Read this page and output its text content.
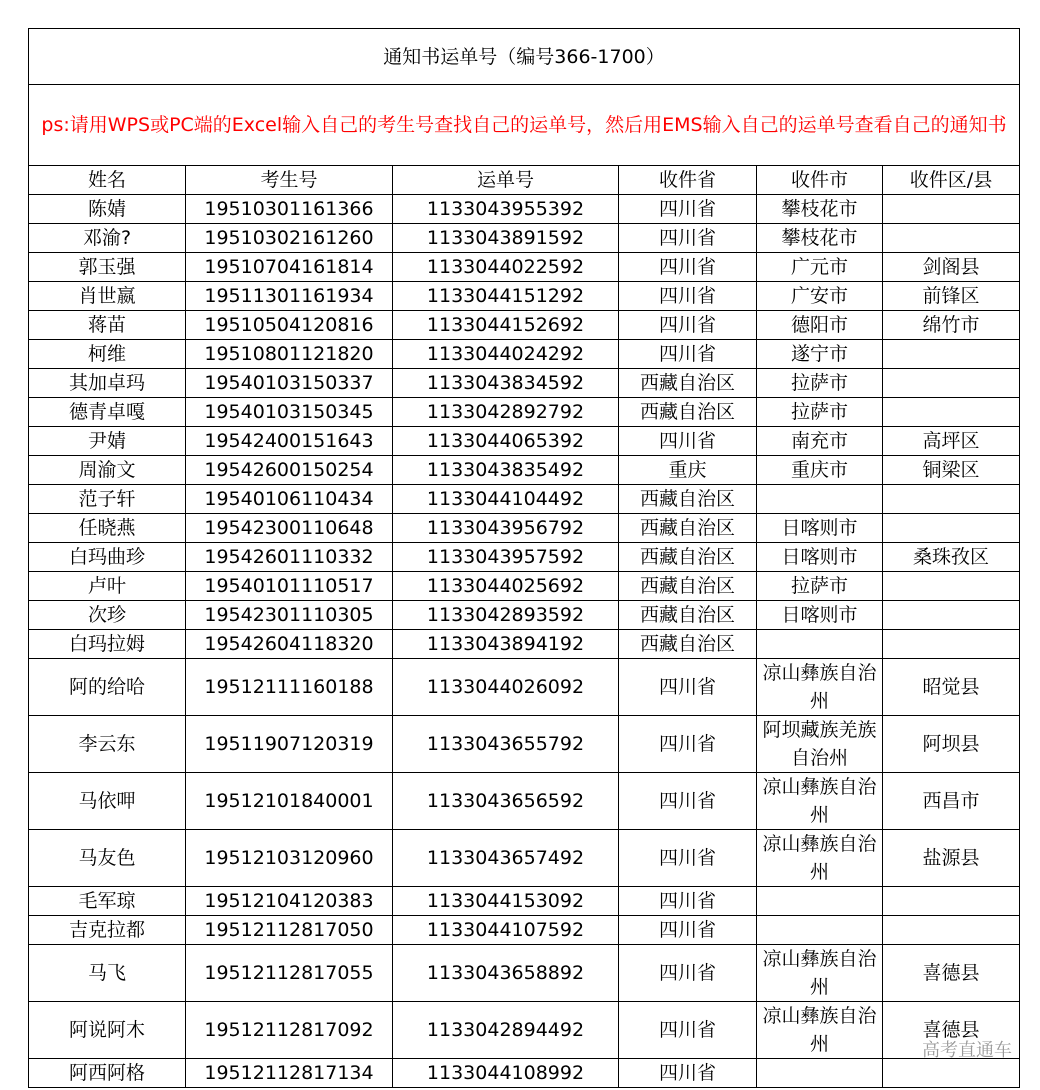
通知书运单号（编号366-1700）					
ps:请用WPS或PC端的Excel输入自己的考生号查找自己的运单号，然后用EMS输入自己的运单号查看自己的通知书					
姓名	考生号	运单号	收件省	收件市	收件区/县
陈婧	19510301161366	1133043955392	四川省	攀枝花市	
邓渝?	19510302161260	1133043891592	四川省	攀枝花市	
郭玉强	19510704161814	1133044022592	四川省	广元市	剑阁县
肖世嬴	19511301161934	1133044151292	四川省	广安市	前锋区
蒋苗	19510504120816	1133044152692	四川省	德阳市	绵竹市
柯维	19510801121820	1133044024292	四川省	遂宁市	
其加卓玛	19540103150337	1133043834592	西藏自治区	拉萨市	
德青卓嘎	19540103150345	1133042892792	西藏自治区	拉萨市	
尹婧	19542400151643	1133044065392	四川省	南充市	高坪区
周渝文	19542600150254	1133043835492	重庆	重庆市	铜梁区
范子轩	19540106110434	1133044104492	西藏自治区		
任晓燕	19542300110648	1133043956792	西藏自治区	日喀则市	
白玛曲珍	19542601110332	1133043957592	西藏自治区	日喀则市	桑珠孜区
卢叶	19540101110517	1133044025692	西藏自治区	拉萨市	
次珍	19542301110305	1133042893592	西藏自治区	日喀则市	
白玛拉姆	19542604118320	1133043894192	西藏自治区		
阿的给哈	19512111160188	1133044026092	四川省	凉山彝族自治州	昭觉县
李云东	19511907120319	1133043655792	四川省	阿坝藏族羌族自治州	阿坝县
马依呷	19512101840001	1133043656592	四川省	凉山彝族自治州	西昌市
马友色	19512103120960	1133043657492	四川省	凉山彝族自治州	盐源县
毛军琼	19512104120383	1133044153092	四川省		
吉克拉都	19512112817050	1133044107592	四川省		
马飞	19512112817055	1133043658892	四川省	凉山彝族自治州	喜德县
阿说阿木	19512112817092	1133042894492	四川省	凉山彝族自治州	喜德县
阿西阿格	19512112817134	1133044108992	四川省		
高考直通车
